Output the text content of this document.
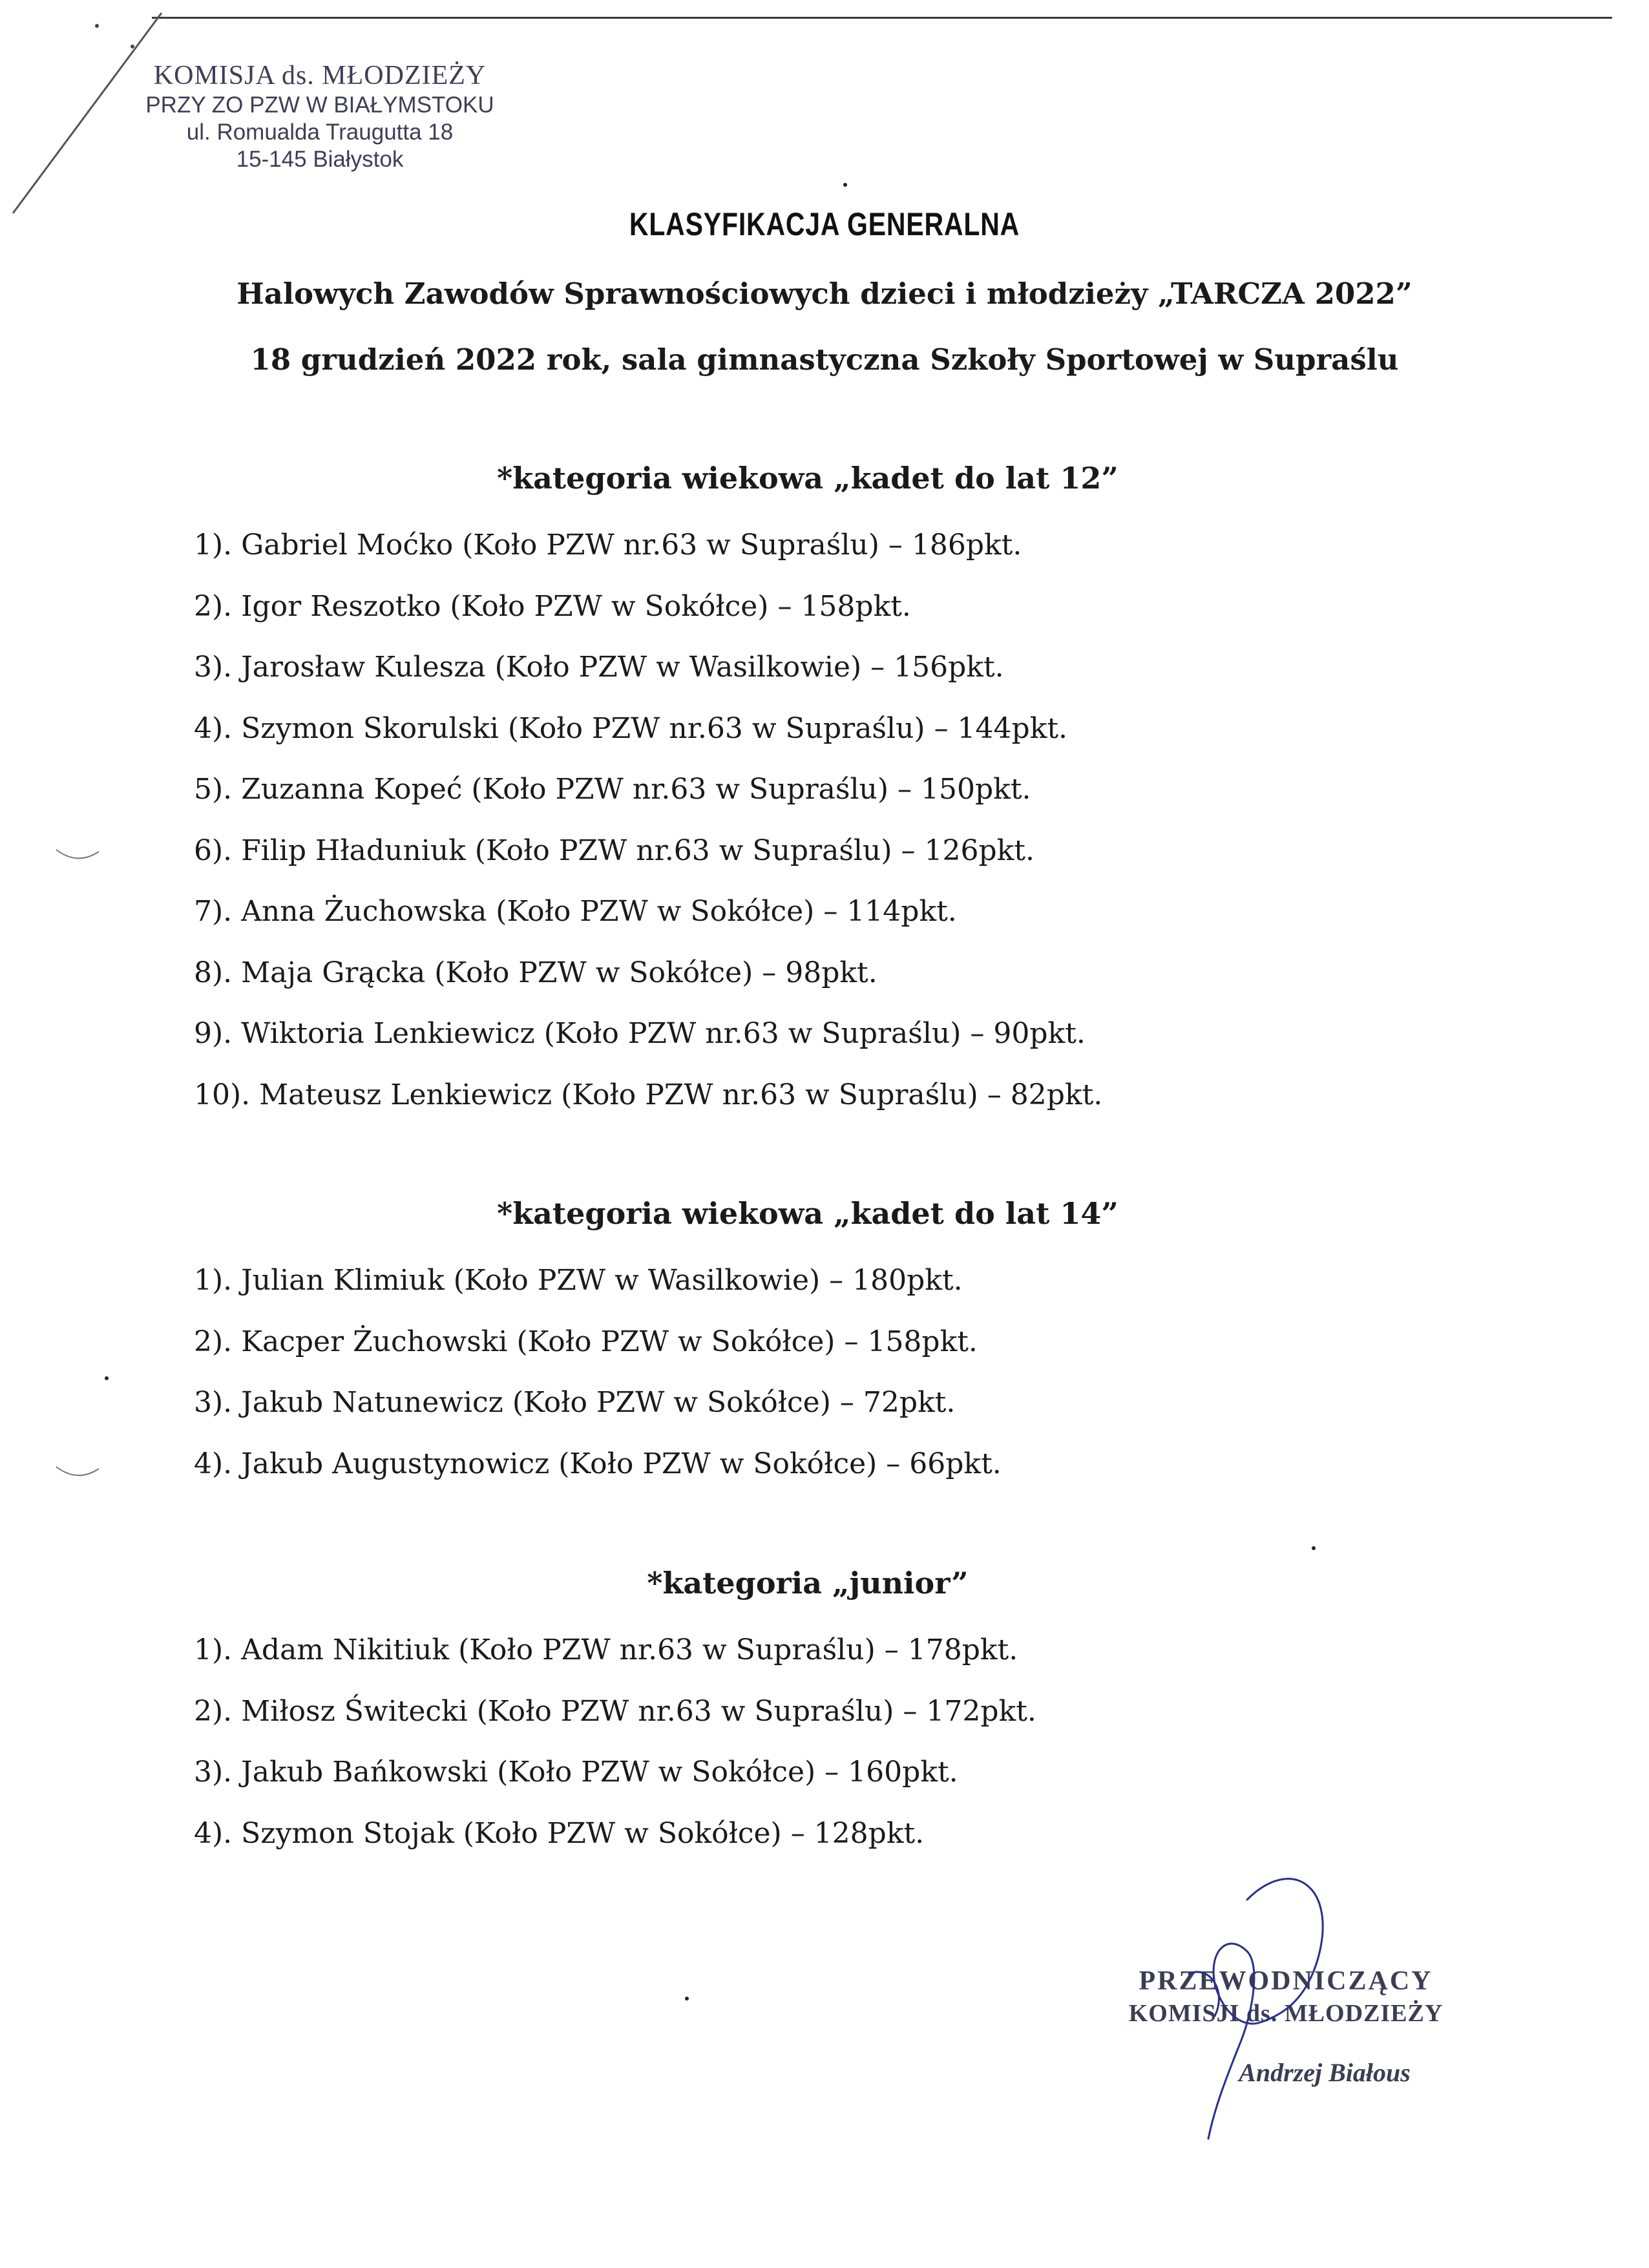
KOMISJA ds. MŁODZIEŻY
PRZY ZO PZW W BIAŁYMSTOKU
ul. Romualda Traugutta 18
15-145 Białystok
KLASYFIKACJA GENERALNA
Halowych Zawodów Sprawnościowych dzieci i młodzieży „TARCZA 2022”
18 grudzień 2022 rok, sala gimnastyczna Szkoły Sportowej w Supraślu
*kategoria wiekowa „kadet do lat 12”
1). Gabriel Moćko (Koło PZW nr.63 w Supraślu) – 186pkt.
2). Igor Reszotko (Koło PZW w Sokółce) – 158pkt.
3). Jarosław Kulesza (Koło PZW w Wasilkowie) – 156pkt.
4). Szymon Skorulski (Koło PZW nr.63 w Supraślu) – 144pkt.
5). Zuzanna Kopeć (Koło PZW nr.63 w Supraślu) – 150pkt.
6). Filip Hładuniuk (Koło PZW nr.63 w Supraślu) – 126pkt.
7). Anna Żuchowska (Koło PZW w Sokółce) – 114pkt.
8). Maja Grącka (Koło PZW w Sokółce) – 98pkt.
9). Wiktoria Lenkiewicz (Koło PZW nr.63 w Supraślu) – 90pkt.
10). Mateusz Lenkiewicz (Koło PZW nr.63 w Supraślu) – 82pkt.
*kategoria wiekowa „kadet do lat 14”
1). Julian Klimiuk (Koło PZW w Wasilkowie) – 180pkt.
2). Kacper Żuchowski (Koło PZW w Sokółce) – 158pkt.
3). Jakub Natunewicz (Koło PZW w Sokółce) – 72pkt.
4). Jakub Augustynowicz (Koło PZW w Sokółce) – 66pkt.
*kategoria „junior”
1). Adam Nikitiuk (Koło PZW nr.63 w Supraślu) – 178pkt.
2). Miłosz Świtecki (Koło PZW nr.63 w Supraślu) – 172pkt.
3). Jakub Bańkowski (Koło PZW w Sokółce) – 160pkt.
4). Szymon Stojak (Koło PZW w Sokółce) – 128pkt.
PRZEWODNICZĄCY
KOMISJI ds. MŁODZIEŻY
Andrzej Białous
